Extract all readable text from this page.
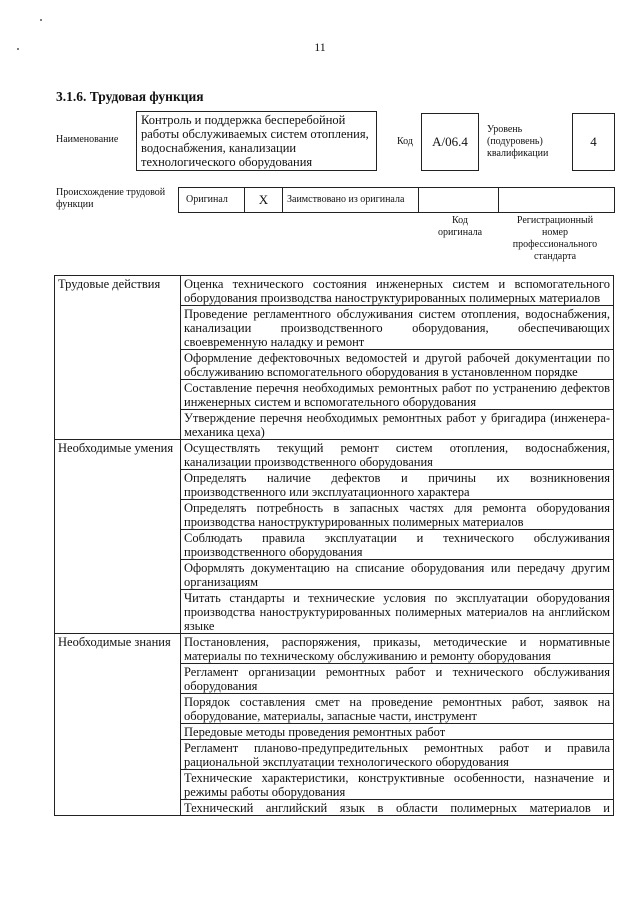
11
3.1.6. Трудовая функция
Наименование
Контроль и поддержка бесперебойной работы обслуживаемых систем отопления, водоснабжения, канализации технологического оборудования
Код A/06.4
Уровень (подуровень) квалификации
4
Происхождение трудовой функции	Оригинал X Заимствовано из оригинала
Код оригинала
Регистрационный номер профессионального стандарта
Трудовые действия	Оценка технического состояния инженерных систем и вспомогательного оборудования производства наноструктурированных полимерных материалов
	Проведение регламентного обслуживания систем отопления, водоснабжения, канализации производственного оборудования, обеспечивающих своевременную наладку и ремонт
	Оформление дефектовочных ведомостей и другой рабочей документации по обслуживанию вспомогательного оборудования в установленном порядке
	Составление перечня необходимых ремонтных работ по устранению дефектов инженерных систем и вспомогательного оборудования
	Утверждение перечня необходимых ремонтных работ у бригадира (инженера-механика цеха)
Необходимые умения	Осуществлять текущий ремонт систем отопления, водоснабжения, канализации производственного оборудования
	Определять наличие дефектов и причины их возникновения производственного или эксплуатационного характера
	Определять потребность в запасных частях для ремонта оборудования производства наноструктурированных полимерных материалов
	Соблюдать правила эксплуатации и технического обслуживания производственного оборудования
	Оформлять документацию на списание оборудования или передачу другим организациям
	Читать стандарты и технические условия по эксплуатации оборудования производства наноструктурированных полимерных материалов на английском языке
Необходимые знания	Постановления, распоряжения, приказы, методические и нормативные материалы по техническому обслуживанию и ремонту оборудования
	Регламент организации ремонтных работ и технического обслуживания оборудования
	Порядок составления смет на проведение ремонтных работ, заявок на оборудование, материалы, запасные части, инструмент
	Передовые методы проведения ремонтных работ
	Регламент планово-предупредительных ремонтных работ и правила рациональной эксплуатации технологического оборудования
	Технические характеристики, конструктивные особенности, назначение и режимы работы оборудования
	Технический английский язык в области полимерных материалов и
